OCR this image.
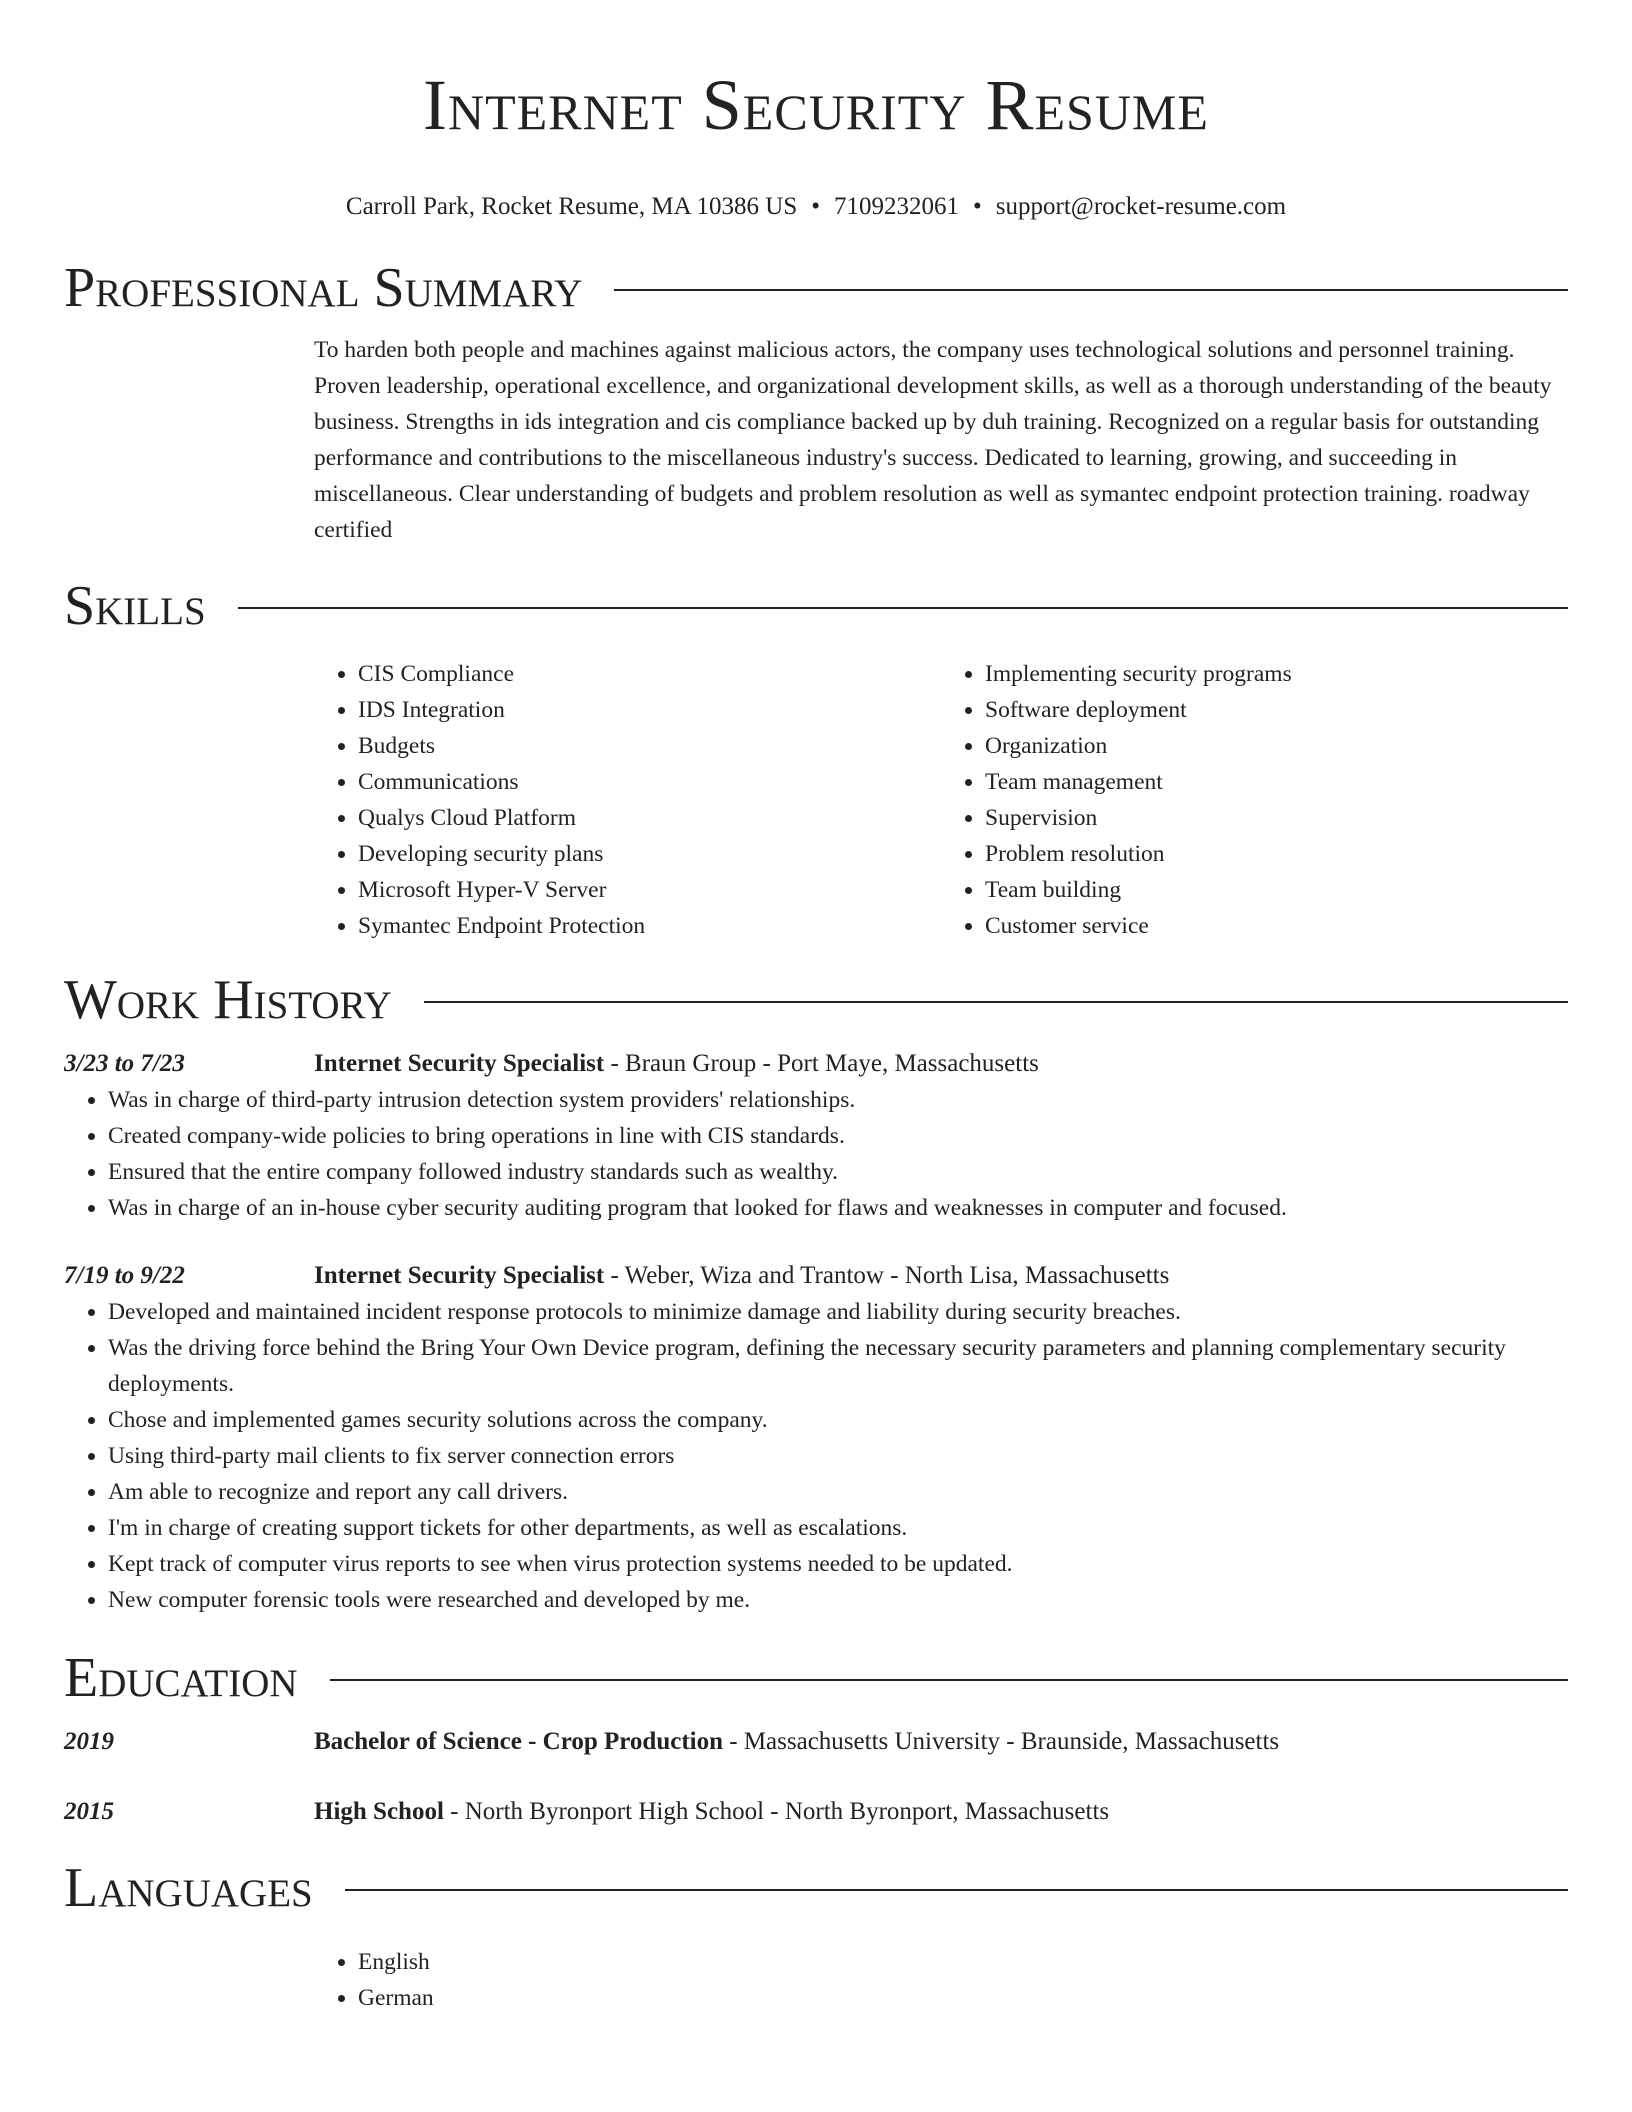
Internet Security Resume
Carroll Park, Rocket Resume, MA 10386 US • 7109232061 • support@rocket-resume.com
Professional Summary

To harden both people and machines against malicious actors, the company uses technological solutions and personnel training. Proven leadership, operational excellence, and organizational development skills, as well as a thorough understanding of the beauty business. Strengths in ids integration and cis compliance backed up by duh training. Recognized on a regular basis for outstanding performance and contributions to the miscellaneous industry's success. Dedicated to learning, growing, and succeeding in miscellaneous. Clear understanding of budgets and problem resolution as well as symantec endpoint protection training. roadway certified

Skills
• CIS Compliance
• IDS Integration
• Budgets
• Communications
• Qualys Cloud Platform
• Developing security plans
• Microsoft Hyper-V Server
• Symantec Endpoint Protection
• Implementing security programs
• Software deployment
• Organization
• Team management
• Supervision
• Problem resolution
• Team building
• Customer service
Work History
3/23 to 7/23	Internet Security Specialist - Braun Group - Port Maye, Massachusetts
• Was in charge of third-party intrusion detection system providers' relationships.
• Created company-wide policies to bring operations in line with CIS standards.
• Ensured that the entire company followed industry standards such as wealthy.
• Was in charge of an in-house cyber security auditing program that looked for flaws and weaknesses in computer and focused.
7/19 to 9/22	Internet Security Specialist - Weber, Wiza and Trantow - North Lisa, Massachusetts
• Developed and maintained incident response protocols to minimize damage and liability during security breaches.
• Was the driving force behind the Bring Your Own Device program, defining the necessary security parameters and planning complementary security deployments.
• Chose and implemented games security solutions across the company.
• Using third-party mail clients to fix server connection errors
• Am able to recognize and report any call drivers.
• I'm in charge of creating support tickets for other departments, as well as escalations.
• Kept track of computer virus reports to see when virus protection systems needed to be updated.
• New computer forensic tools were researched and developed by me.
Education
2019	Bachelor of Science - Crop Production - Massachusetts University - Braunside, Massachusetts
2015	High School - North Byronport High School - North Byronport, Massachusetts
Languages
• English
• German
